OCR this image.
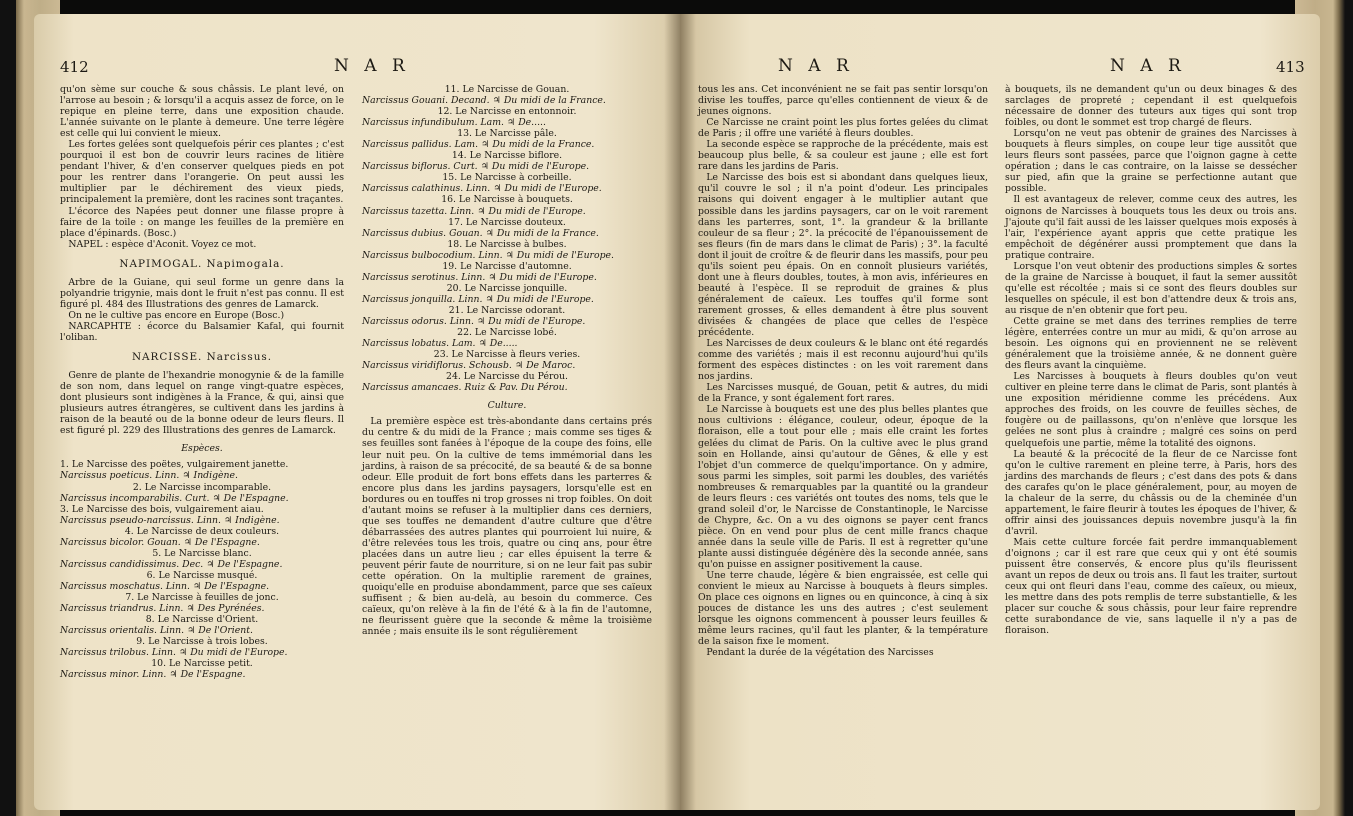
412	N A R

qu'on sème sur couche & sous châssis. Le plant levé, on l'arrose au besoin ; & lorsqu'il a acquis assez de force, on le repique en pleine terre, dans une exposition chaude. L'année suivante on le plante à demeure. Une terre légère est celle qui lui convient le mieux.

Les fortes gelées sont quelquefois périr ces plantes ; c'est pourquoi il est bon de couvrir leurs racines de litière pendant l'hiver, & d'en conserver quelques pieds en pot pour les rentrer dans l'orangerie. On peut aussi les multiplier par le déchirement des vieux pieds, principalement la première, dont les racines sont traçantes.

L'écorce des Napées peut donner une filasse propre à faire de la toile : on mange les feuilles de la première en place d'épinards. (Bosc.)

NAPEL : espèce d'Aconit. Voyez ce mot.

NAPIMOGAL. Napimogala.

Arbre de la Guiane, qui seul forme un genre dans la polyandrie trigynie, mais dont le fruit n'est pas connu. Il est figuré pl. 484 des Illustrations des genres de Lamarck.

On ne le cultive pas encore en Europe (Bosc.)

NARCAPHTE : écorce du Balsamier Kafal, qui fournit l'oliban.

NARCISSE. Narcissus.

Genre de plante de l'hexandrie monogynie & de la famille de son nom, dans lequel on range vingt-quatre espèces, dont plusieurs sont indigènes à la France, & qui, ainsi que plusieurs autres étrangères, se cultivent dans les jardins à raison de la beauté ou de la bonne odeur de leurs fleurs. Il est figuré pl. 229 des Illustrations des genres de Lamarck.

Espèces.

1. Le Narcisse des poëtes, vulgairement janette.

Narcissus poeticus. Linn. ♃ Indigène.

2. Le Narcisse incomparable.

Narcissus incomparabilis. Curt. ♃ De l'Espagne.

3. Le Narcisse des bois, vulgairement aiau.

Narcissus pseudo-narcissus. Linn. ♃ Indigène.

4. Le Narcisse de deux couleurs.

Narcissus bicolor. Gouan. ♃ De l'Espagne.

5. Le Narcisse blanc.

Narcissus candidissimus. Dec. ♃ De l'Espagne.

6. Le Narcisse musqué.

Narcissus moschatus. Linn. ♃ De l'Espagne.

7. Le Narcisse à feuilles de jonc.

Narcissus triandrus. Linn. ♃ Des Pyrénées.

8. Le Narcisse d'Orient.

Narcissus orientalis. Linn. ♃ De l'Orient.

9. Le Narcisse à trois lobes.

Narcissus trilobus. Linn. ♃ Du midi de l'Europe.

10. Le Narcisse petit.

Narcissus minor. Linn. ♃ De l'Espagne.

11. Le Narcisse de Gouan.

Narcissus Gouani. Decand. ♃ Du midi de la France.

12. Le Narcisse en entonnoir.

Narcissus infundibulum. Lam. ♃ De.....

13. Le Narcisse pâle.

Narcissus pallidus. Lam. ♃ Du midi de la France.

14. Le Narcisse biflore.

Narcissus biflorus. Curt. ♃ Du midi de l'Europe.

15. Le Narcisse à corbeille.

Narcissus calathinus. Linn. ♃ Du midi de l'Europe.

16. Le Narcisse à bouquets.

Narcissus tazetta. Linn. ♃ Du midi de l'Europe.

17. Le Narcisse douteux.

Narcissus dubius. Gouan. ♃ Du midi de la France.

18. Le Narcisse à bulbes.

Narcissus bulbocodium. Linn. ♃ Du midi de l'Europe.

19. Le Narcisse d'automne.

Narcissus serotinus. Linn. ♃ Du midi de l'Europe.

20. Le Narcisse jonquille.

Narcissus jonquilla. Linn. ♃ Du midi de l'Europe.

21. Le Narcisse odorant.

Narcissus odorus. Linn. ♃ Du midi de l'Europe.

22. Le Narcisse lobé.

Narcissus lobatus. Lam. ♃ De.....

23. Le Narcisse à fleurs veries.

Narcissus viridiflorus. Schousb. ♃ De Maroc.

24. Le Narcisse du Pérou.

Narcissus amancaes. Ruiz & Pav. Du Pérou.

Culture.

La première espèce est très-abondante dans certains prés du centre & du midi de la France ; mais comme ses tiges & ses feuilles sont fanées à l'époque de la coupe des foins, elle leur nuit peu. On la cultive de tems immémorial dans les jardins, à raison de sa précocité, de sa beauté & de sa bonne odeur. Elle produit de fort bons effets dans les parterres & encore plus dans les jardins paysagers, lorsqu'elle est en bordures ou en touffes ni trop grosses ni trop foibles. On doit d'autant moins se refuser à la multiplier dans ces derniers, que ses touffes ne demandent d'autre culture que d'être débarrassées des autres plantes qui pourroient lui nuire, & d'être relevées tous les trois, quatre ou cinq ans, pour être placées dans un autre lieu ; car elles épuisent la terre & peuvent périr faute de nourriture, si on ne leur fait pas subir cette opération. On la multiplie rarement de graines, quoiqu'elle en produise abondamment, parce que ses caïeux suffisent ; & bien au-delà, au besoin du commerce. Ces caïeux, qu'on relève à la fin de l'été & à la fin de l'automne, ne fleurissent guère que la seconde & même la troisième année ; mais ensuite ils le sont régulièrement

N A R	N A R	413

tous les ans. Cet inconvénient ne se fait pas sentir lorsqu'on divise les touffes, parce qu'elles contiennent de vieux & de jeunes oignons.

Ce Narcisse ne craint point les plus fortes gelées du climat de Paris ; il offre une variété à fleurs doubles.

La seconde espèce se rapproche de la précédente, mais est beaucoup plus belle, & sa couleur est jaune ; elle est fort rare dans les jardins de Paris.

Le Narcisse des bois est si abondant dans quelques lieux, qu'il couvre le sol ; il n'a point d'odeur. Les principales raisons qui doivent engager à le multiplier autant que possible dans les jardins paysagers, car on le voit rarement dans les parterres, sont, 1°. la grandeur & la brillante couleur de sa fleur ; 2°. la précocité de l'épanouissement de ses fleurs (fin de mars dans le climat de Paris) ; 3°. la faculté dont il jouit de croître & de fleurir dans les massifs, pour peu qu'ils soient peu épais. On en connoît plusieurs variétés, dont une à fleurs doubles, toutes, à mon avis, inférieures en beauté à l'espèce. Il se reproduit de graines & plus généralement de caïeux. Les touffes qu'il forme sont rarement grosses, & elles demandent à être plus souvent divisées & changées de place que celles de l'espèce précédente.

Les Narcisses de deux couleurs & le blanc ont été regardés comme des variétés ; mais il est reconnu aujourd'hui qu'ils forment des espèces distinctes : on les voit rarement dans nos jardins.

Les Narcisses musqué, de Gouan, petit & autres, du midi de la France, y sont également fort rares.

Le Narcisse à bouquets est une des plus belles plantes que nous cultivions : élégance, couleur, odeur, époque de la floraison, elle a tout pour elle ; mais elle craint les fortes gelées du climat de Paris. On la cultive avec le plus grand soin en Hollande, ainsi qu'autour de Gênes, & elle y est l'objet d'un commerce de quelqu'importance. On y admire, sous parmi les simples, soit parmi les doubles, des variétés nombreuses & remarquables par la quantité ou la grandeur de leurs fleurs : ces variétés ont toutes des noms, tels que le grand soleil d'or, le Narcisse de Constantinople, le Narcisse de Chypre, &c. On a vu des oignons se payer cent francs pièce. On en vend pour plus de cent mille francs chaque année dans la seule ville de Paris. Il est à regretter qu'une plante aussi distinguée dégénère dès la seconde année, sans qu'on puisse en assigner positivement la cause.

Une terre chaude, légère & bien engraissée, est celle qui convient le mieux au Narcisse à bouquets à fleurs simples. On place ces oignons en lignes ou en quinconce, à cinq à six pouces de distance les uns des autres ; c'est seulement lorsque les oignons commencent à pousser leurs feuilles & même leurs racines, qu'il faut les planter, & la température de la saison fixe le moment.

Pendant la durée de la végétation des Narcisses

à bouquets, ils ne demandent qu'un ou deux binages & des sarclages de propreté ; cependant il est quelquefois nécessaire de donner des tuteurs aux tiges qui sont trop foibles, ou dont le sommet est trop chargé de fleurs.

Lorsqu'on ne veut pas obtenir de graines des Narcisses à bouquets à fleurs simples, on coupe leur tige aussitôt que leurs fleurs sont passées, parce que l'oignon gagne à cette opération ; dans le cas contraire, on la laisse se dessécher sur pied, afin que la graine se perfectionne autant que possible.

Il est avantageux de relever, comme ceux des autres, les oignons de Narcisses à bouquets tous les deux ou trois ans. J'ajoute qu'il fait aussi de les laisser quelques mois exposés à l'air, l'expérience ayant appris que cette pratique les empêchoit de dégénérer aussi promptement que dans la pratique contraire.

Lorsque l'on veut obtenir des productions simples & sortes de la graine de Narcisse à bouquet, il faut la semer aussitôt qu'elle est récoltée ; mais si ce sont des fleurs doubles sur lesquelles on spécule, il est bon d'attendre deux & trois ans, au risque de n'en obtenir que fort peu.

Cette graine se met dans des terrines remplies de terre légère, enterrées contre un mur au midi, & qu'on arrose au besoin. Les oignons qui en proviennent ne se relèvent généralement que la troisième année, & ne donnent guère des fleurs avant la cinquième.

Les Narcisses à bouquets à fleurs doubles qu'on veut cultiver en pleine terre dans le climat de Paris, sont plantés à une exposition méridienne comme les précédens. Aux approches des froids, on les couvre de feuilles sèches, de fougère ou de paillassons, qu'on n'enlève que lorsque les gelées ne sont plus à craindre ; malgré ces soins on perd quelquefois une partie, même la totalité des oignons.

La beauté & la précocité de la fleur de ce Narcisse font qu'on le cultive rarement en pleine terre, à Paris, hors des jardins des marchands de fleurs ; c'est dans des pots & dans des carafes qu'on le place généralement, pour, au moyen de la chaleur de la serre, du châssis ou de la cheminée d'un appartement, le faire fleurir à toutes les époques de l'hiver, & offrir ainsi des jouissances depuis novembre jusqu'à la fin d'avril.

Mais cette culture forcée fait perdre immanquablement d'oignons ; car il est rare que ceux qui y ont été soumis puissent être conservés, & encore plus qu'ils fleurissent avant un repos de deux ou trois ans. Il faut les traiter, surtout ceux qui ont fleuri dans l'eau, comme des caïeux, ou mieux, les mettre dans des pots remplis de terre substantielle, & les placer sur couche & sous châssis, pour leur faire reprendre cette surabondance de vie, sans laquelle il n'y a pas de floraison.
